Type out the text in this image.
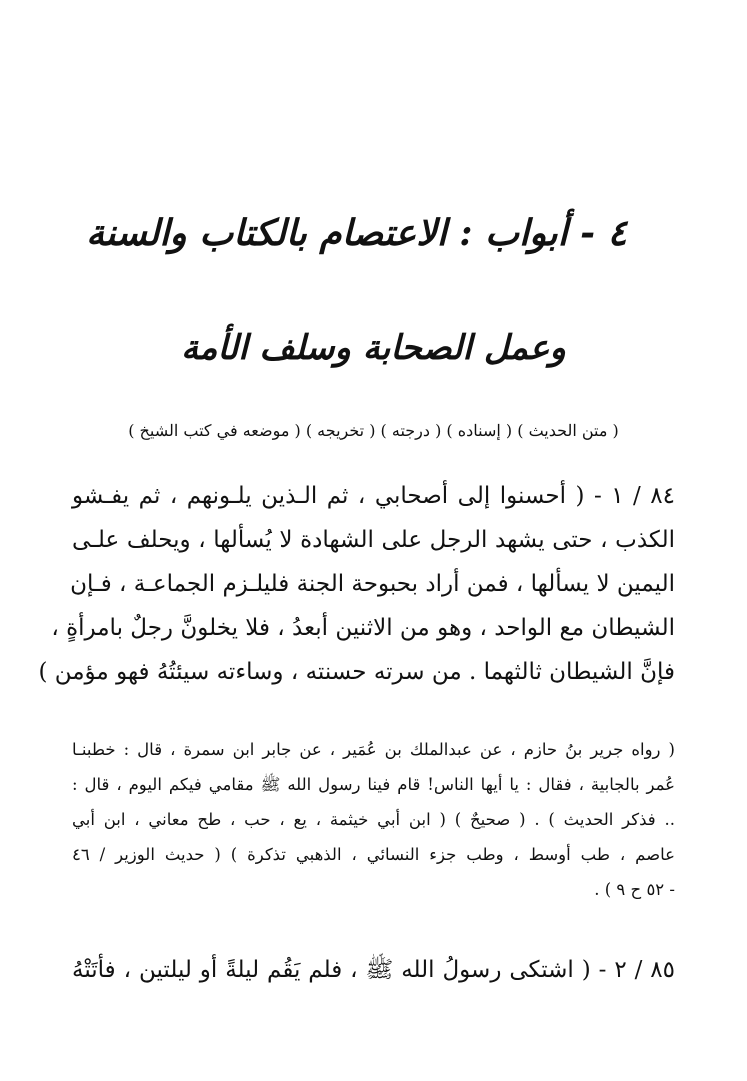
٤ - أبواب : الاعتصام بالكتاب والسنة
وعمل الصحابة وسلف الأمة
( متن الحديث ) ( إسناده ) ( درجته ) ( تخريجه ) ( موضعه في كتب الشيخ )
٨٤ / ١ - ( أحسنوا إلى أصحابي ، ثم الـذين يلـونهم ، ثم يفـشو
الكذب ، حتى يشهد الرجل على الشهادة لا يُسألها ، ويحلف علـى
اليمين لا يسألها ، فمن أراد بحبوحة الجنة فليلـزم الجماعـة ، فـإن
الشيطان مع الواحد ، وهو من الاثنين أبعدُ ، فلا يخلونَّ رجلٌ بامرأةٍ ،
فإنَّ الشيطان ثالثهما . من سرته حسنته ، وساءته سيئتُهُ فهو مؤمن )
( رواه جرير بنُ حازم ، عن عبدالملك بن عُمَير ، عن جابر ابن سمرة ، قال : خطبنـا
عُمر بالجابية ، فقال : يا أيها الناس! قام فينا رسول الله ﷺ مقامي فيكم اليوم ، قال :
.. فذكر الحديث ) . ( صحيحٌ ) ( ابن أبي خيثمة ، يع ، حب ، طح معاني ، ابن أبي
عاصم ، طب أوسط ، وطب جزء النسائي ، الذهبي تذكرة ) ( حديث الوزير / ٤٦
- ٥٢ ح ٩ ) .
٨٥ / ٢ - ( اشتكى رسولُ الله ﷺ ، فلم يَقُم ليلةً أو ليلتين ، فأتَتْهُ
